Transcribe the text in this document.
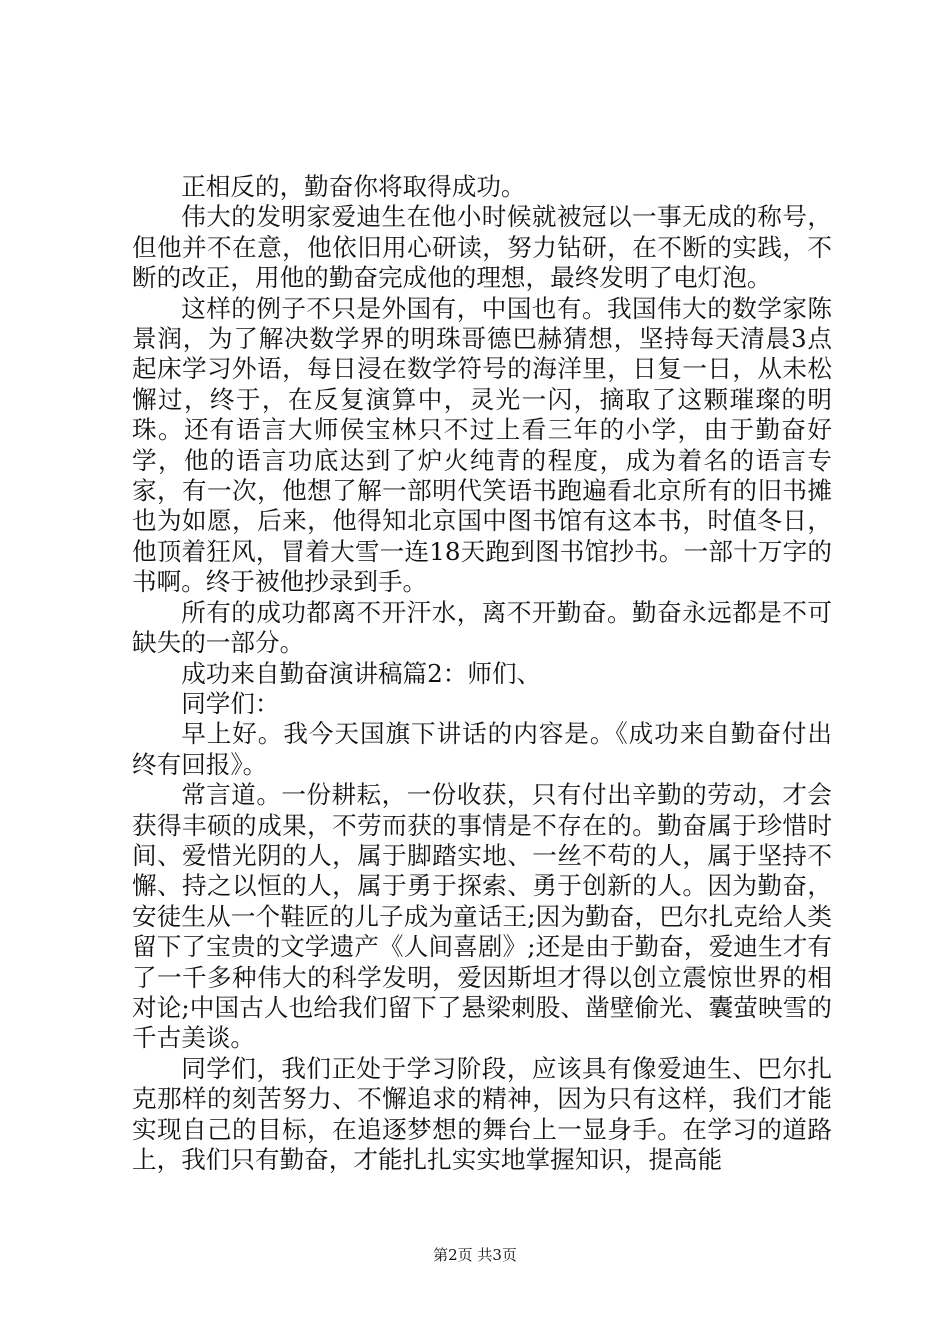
正相反的，勤奋你将取得成功。

伟大的发明家爱迪生在他小时候就被冠以一事无成的称号，但他并不在意，他依旧用心研读，努力钻研，在不断的实践，不断的改正，用他的勤奋完成他的理想，最终发明了电灯泡。

这样的例子不只是外国有，中国也有。我国伟大的数学家陈景润，为了解决数学界的明珠哥德巴赫猜想，坚持每天清晨3点起床学习外语，每日浸在数学符号的海洋里，日复一日，从未松懈过，终于，在反复演算中，灵光一闪，摘取了这颗璀璨的明珠。还有语言大师侯宝林只不过上看三年的小学，由于勤奋好学，他的语言功底达到了炉火纯青的程度，成为着名的语言专家，有一次，他想了解一部明代笑语书跑遍看北京所有的旧书摊也为如愿，后来，他得知北京国中图书馆有这本书，时值冬日，他顶着狂风，冒着大雪一连18天跑到图书馆抄书。一部十万字的书啊。终于被他抄录到手。

所有的成功都离不开汗水，离不开勤奋。勤奋永远都是不可缺失的一部分。

成功来自勤奋演讲稿篇2：师们、

同学们：

早上好。我今天国旗下讲话的内容是。《成功来自勤奋付出终有回报》。

常言道。一份耕耘，一份收获，只有付出辛勤的劳动，才会获得丰硕的成果，不劳而获的事情是不存在的。勤奋属于珍惜时间、爱惜光阴的人，属于脚踏实地、一丝不苟的人，属于坚持不懈、持之以恒的人，属于勇于探索、勇于创新的人。因为勤奋，安徒生从一个鞋匠的儿子成为童话王;因为勤奋，巴尔扎克给人类留下了宝贵的文学遗产《人间喜剧》;还是由于勤奋，爱迪生才有了一千多种伟大的科学发明，爱因斯坦才得以创立震惊世界的相对论;中国古人也给我们留下了悬梁刺股、凿壁偷光、囊萤映雪的千古美谈。

同学们，我们正处于学习阶段，应该具有像爱迪生、巴尔扎克那样的刻苦努力、不懈追求的精神，因为只有这样，我们才能实现自己的目标，在追逐梦想的舞台上一显身手。在学习的道路上，我们只有勤奋，才能扎扎实实地掌握知识，提高能

第2页 共3页
